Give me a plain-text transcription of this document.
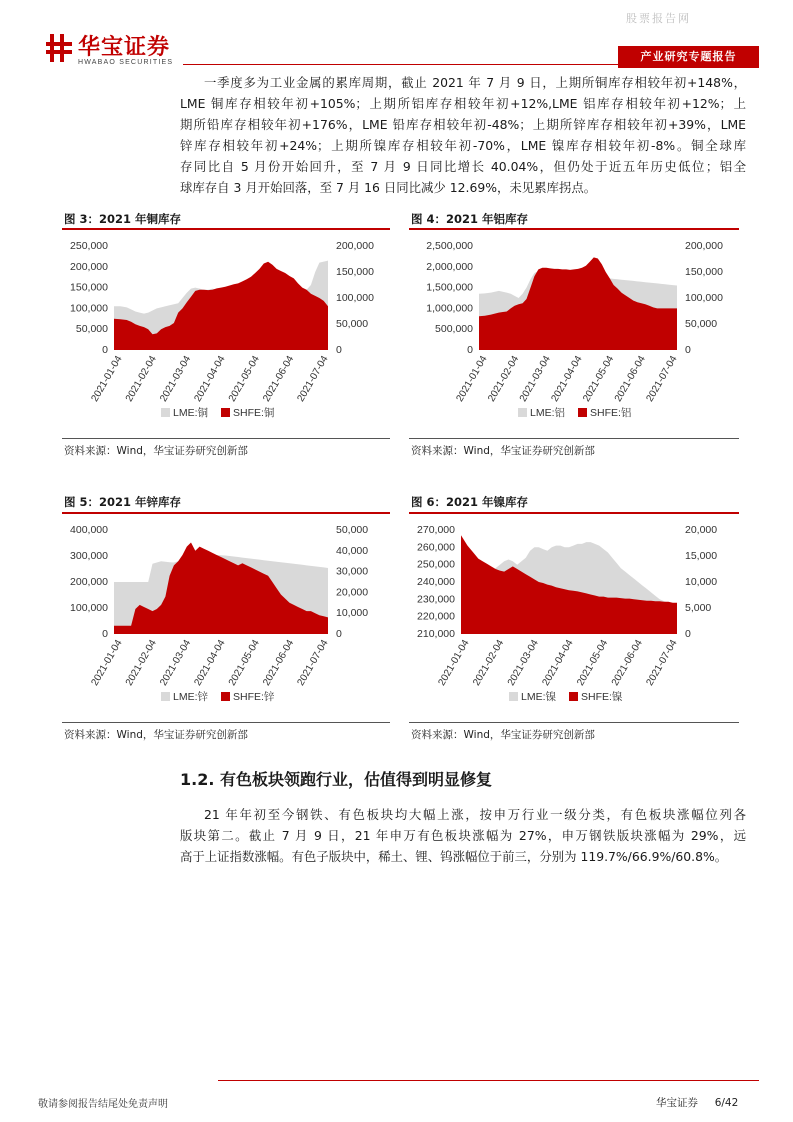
股票报告网
华宝证券
HWABAO SECURITIES	产业研究专题报告
一季度多为工业金属的累库周期，截止 2021 年 7 月 9 日，上期所铜库存相较年初+148%，
LME 铜库存相较年初+105%；上期所铝库存相较年初+12%,LME 铝库存相较年初+12%；上
期所铅库存相较年初+176%，LME 铅库存相较年初-48%；上期所锌库存相较年初+39%，LME
锌库存相较年初+24%；上期所镍库存相较年初-70%，LME 镍库存相较年初-8%。铜全球库
存同比自 5 月份开始回升，至 7 月 9 日同比增长 40.04%，但仍处于近五年历史低位；铝全
球库存自 3 月开始回落，至 7 月 16 日同比减少 12.69%，未见累库拐点。
图 3：2021 年铜库存
250,000
200,000
150,000
100,000
50,000
0
200,000
150,000
100,000
50,000
0
2021-01-04 2021-02-04 2021-03-04 2021-04-04 2021-05-04 2021-06-04 2021-07-04
LME:铜 SHFE:铜
资料来源：Wind，华宝证券研究创新部
图 4：2021 年铝库存
2,500,000
2,000,000
1,500,000
1,000,000
500,000
0
200,000
150,000
100,000
50,000
0
2021-01-04
2021-02-04
2021-03-04
2021-04-04
2021-05-04
2021-06-04
2021-07-04
LME:铝 SHFE:铝
资料来源：Wind，华宝证券研究创新部
图 5：2021 年锌库存
400,000
300,000
200,000
100,000
0
50,000
40,000
30,000
20,000
10,000
0
2021-01-04 2021-02-04 2021-03-04 2021-04-04 2021-05-04 2021-06-04 2021-07-04
LME:锌 SHFE:锌
资料来源：Wind，华宝证券研究创新部
图 6：2021 年镍库存
270,000
260,000
250,000
240,000
230,000
220,000
210,000
20,000
15,000
10,000
5,000
0
2021-01-04 2021-02-04 2021-03-04 2021-04-04 2021-05-04 2021-06-04 2021-07-04
LME:镍 SHFE:镍
资料来源：Wind，华宝证券研究创新部
1.2. 有色板块领跑行业，估值得到明显修复
21 年年初至今钢铁、有色板块均大幅上涨，按申万行业一级分类，有色板块涨幅位列各
版块第二。截止 7 月 9 日，21 年申万有色板块涨幅为 27%，申万钢铁版块涨幅为 29%，远
高于上证指数涨幅。有色子版块中，稀土、锂、钨涨幅位于前三，分别为 119.7%/66.9%/60.8%。
敬请参阅报告结尾处免责声明	华宝证券 6/42
